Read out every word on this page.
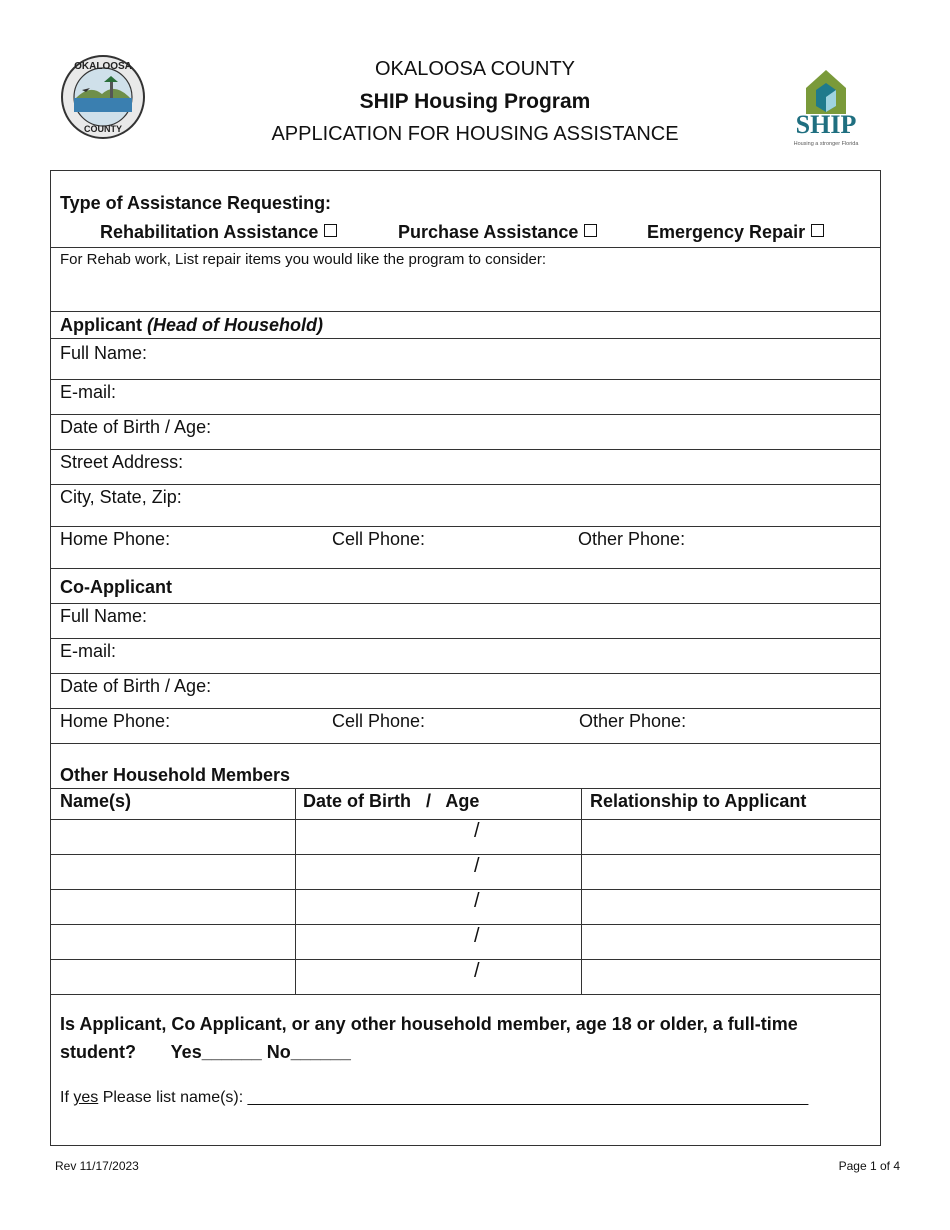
OKALOOSA
COUNTY
OKALOOSA COUNTY
SHIP Housing Program
APPLICATION FOR HOUSING ASSISTANCE	SHIP
Housing a stronger Florida
Type of Assistance Requesting:
Rehabilitation Assistance	Purchase Assistance	Emergency Repair
For Rehab work, List repair items you would like the program to consider:
Applicant (Head of Household)
Full Name:
E-mail:
Date of Birth / Age:
Street Address:
City, State, Zip:
Home Phone:	Cell Phone:	Other Phone:
Co-Applicant
Full Name:
E-mail:
Date of Birth / Age:
Home Phone:	Cell Phone:	Other Phone:
Other Household Members
Name(s)	Date of Birth   /   Age	Relationship to Applicant
/
/
/
/
/
Is Applicant, Co Applicant, or any other household member, age 18 or older, a full-time
student?       Yes______ No______
If yes Please list name(s): _______________________________________________________________
Rev 11/17/2023	Page 1 of 4
